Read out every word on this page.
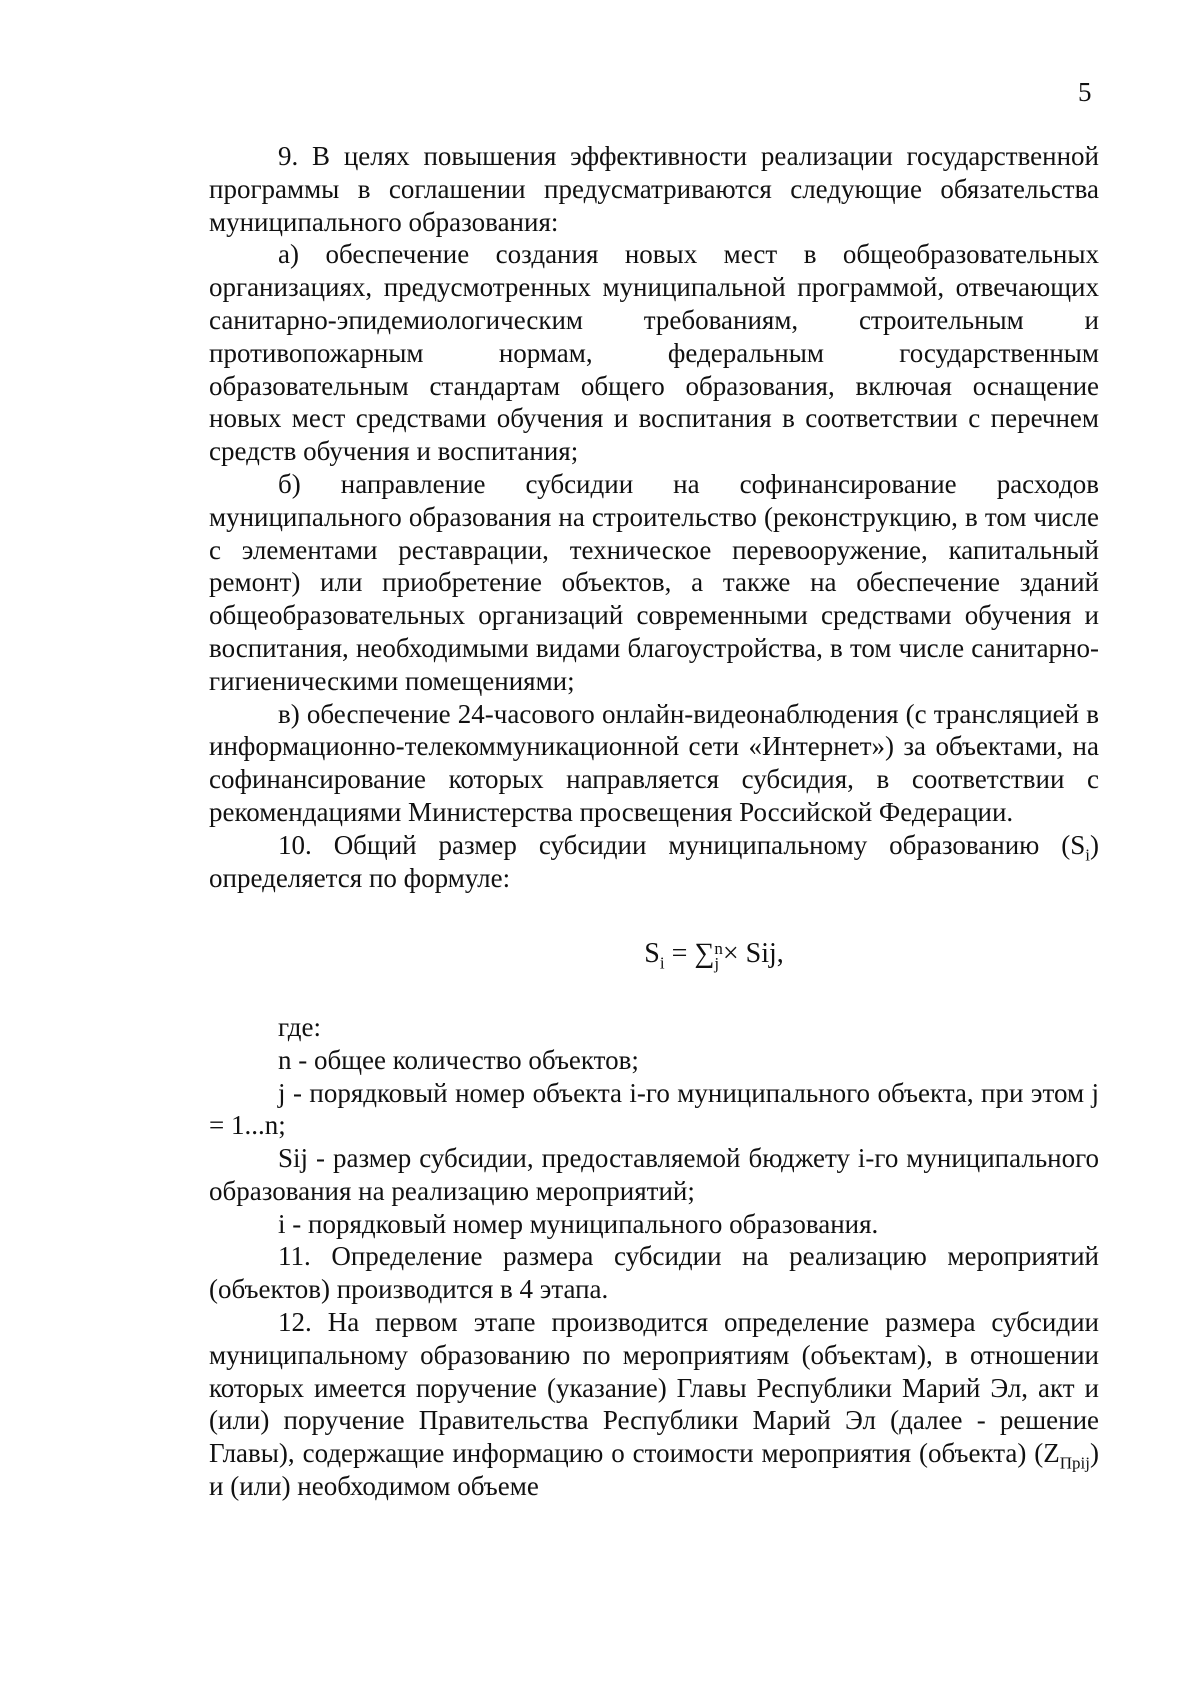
5

9. В целях повышения эффективности реализации государственной программы в соглашении предусматриваются следующие обязательства муниципального образования:

а) обеспечение создания новых мест в общеобразовательных организациях, предусмотренных муниципальной программой, отвечающих санитарно-эпидемиологическим требованиям, строительным и противопожарным нормам, федеральным государственным образовательным стандартам общего образования, включая оснащение новых мест средствами обучения и воспитания в соответствии с перечнем средств обучения и воспитания;

б) направление субсидии на софинансирование расходов муниципального образования на строительство (реконструкцию, в том числе с элементами реставрации, техническое перевооружение, капитальный ремонт) или приобретение объектов, а также на обеспечение зданий общеобразовательных организаций современными средствами обучения и воспитания, необходимыми видами благоустройства, в том числе санитарно-гигиеническими помещениями;

в) обеспечение 24-часового онлайн-видеонаблюдения (с трансляцией в информационно-телекоммуникационной сети «Интернет») за объектами, на софинансирование которых направляется субсидия, в соответствии с рекомендациями Министерства просвещения Российской Федерации.

10. Общий размер субсидии муниципальному образованию $(S_i)$ определяется по формуле:

$S_i$ = ∑ n
j × Sij,

где:

n - общее количество объектов;

j - порядковый номер объекта i-го муниципального объекта, при этом j = 1...n;

Sij - размер субсидии, предоставляемой бюджету i-го муниципального образования на реализацию мероприятий;

i - порядковый номер муниципального образования.

11. Определение размера субсидии на реализацию мероприятий (объектов) производится в 4 этапа.

12. На первом этапе производится определение размера субсидии муниципальному образованию по мероприятиям (объектам), в отношении которых имеется поручение (указание) Главы Республики Марий Эл, акт и (или) поручение Правительства Республики Марий Эл (далее - решение Главы), содержащие информацию о стоимости мероприятия (объекта) $(Z_{Прij})$ и (или) необходимом объеме
